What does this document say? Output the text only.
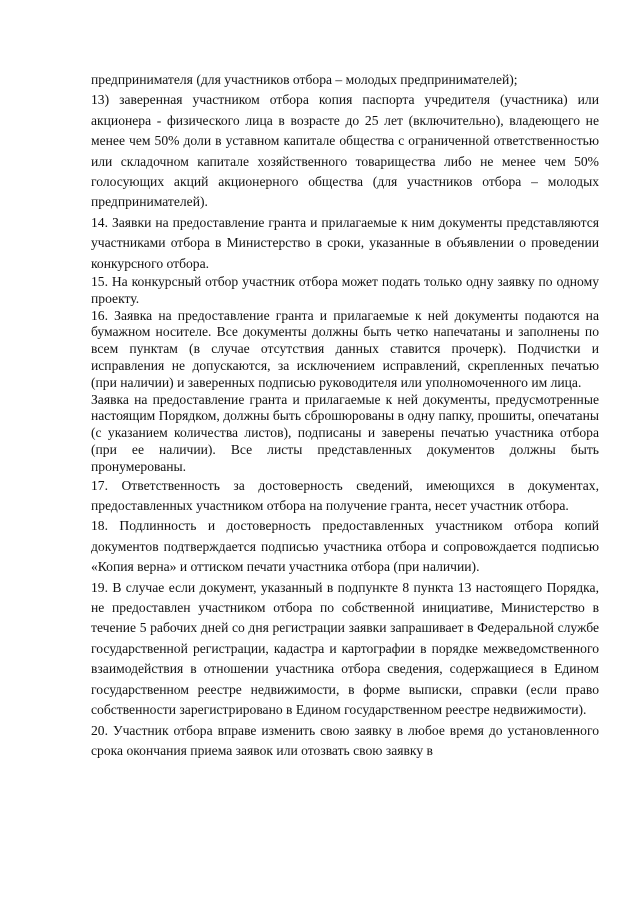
предпринимателя (для участников отбора – молодых предпринимателей);

13) заверенная участником отбора копия паспорта учредителя (участника) или акционера - физического лица в возрасте до 25 лет (включительно), владеющего не менее чем 50% доли в уставном капитале общества с ограниченной ответственностью или складочном капитале хозяйственного товарищества либо не менее чем 50% голосующих акций акционерного общества (для участников отбора – молодых предпринимателей).

14. Заявки на предоставление гранта и прилагаемые к ним документы представляются участниками отбора в Министерство в сроки, указанные в объявлении о проведении конкурсного отбора.

15. На конкурсный отбор участник отбора может подать только одну заявку по одному проекту.

16. Заявка на предоставление гранта и прилагаемые к ней документы подаются на бумажном носителе. Все документы должны быть четко напечатаны и заполнены по всем пунктам (в случае отсутствия данных ставится прочерк). Подчистки и исправления не допускаются, за исключением исправлений, скрепленных печатью (при наличии) и заверенных подписью руководителя или уполномоченного им лица.

Заявка на предоставление гранта и прилагаемые к ней документы, предусмотренные настоящим Порядком, должны быть сброшюрованы в одну папку, прошиты, опечатаны (с указанием количества листов), подписаны и заверены печатью участника отбора (при ее наличии). Все листы представленных документов должны быть пронумерованы.

17. Ответственность за достоверность сведений, имеющихся в документах, предоставленных участником отбора на получение гранта, несет участник отбора.

18. Подлинность и достоверность предоставленных участником отбора копий документов подтверждается подписью участника отбора и сопровождается подписью «Копия верна» и оттиском печати участника отбора (при наличии).

19. В случае если документ, указанный в подпункте 8 пункта 13 настоящего Порядка, не предоставлен участником отбора по собственной инициативе, Министерство в течение 5 рабочих дней со дня регистрации заявки запрашивает в Федеральной службе государственной регистрации, кадастра и картографии в порядке межведомственного взаимодействия в отношении участника отбора сведения, содержащиеся в Едином государственном реестре недвижимости, в форме выписки, справки (если право собственности зарегистрировано в Едином государственном реестре недвижимости).

20. Участник отбора вправе изменить свою заявку в любое время до установленного срока окончания приема заявок или отозвать свою заявку в
